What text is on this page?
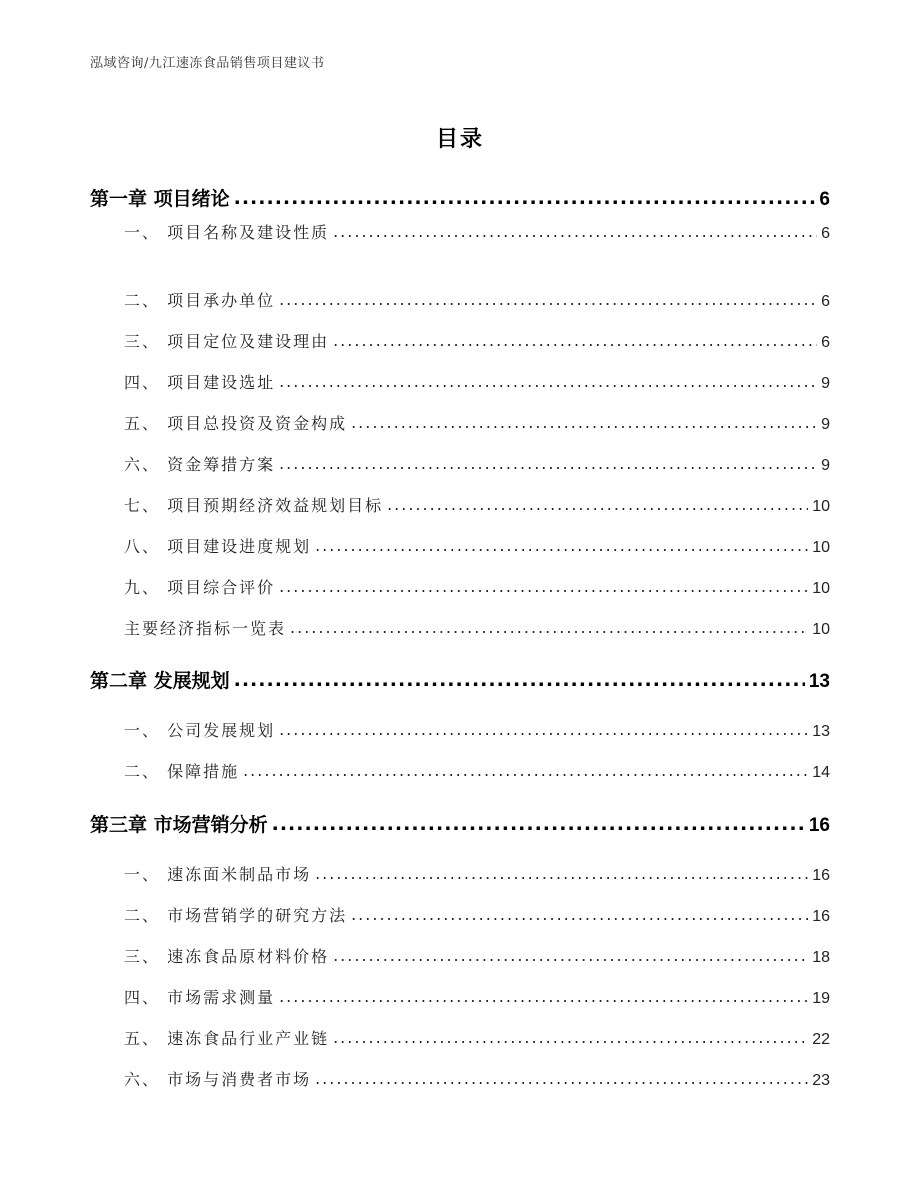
泓域咨询/九江速冻食品销售项目建议书
目录
第一章 项目绪论 .....	6
一、 项目名称及建设性质 .....	6
二、 项目承办单位 .....	6
三、 项目定位及建设理由 .....	6
四、 项目建设选址 .....	9
五、 项目总投资及资金构成 .....	9
六、 资金筹措方案 .....	9
七、 项目预期经济效益规划目标 .....	10
八、 项目建设进度规划 .....	10
九、 项目综合评价 .....	10
主要经济指标一览表 .....	10
第二章 发展规划 .....	13
一、 公司发展规划 .....	13
二、 保障措施 .....	14
第三章 市场营销分析 .....	16
一、 速冻面米制品市场 .....	16
二、 市场营销学的研究方法 .....	16
三、 速冻食品原材料价格 .....	18
四、 市场需求测量 .....	19
五、 速冻食品行业产业链 .....	22
六、 市场与消费者市场 .....	23
